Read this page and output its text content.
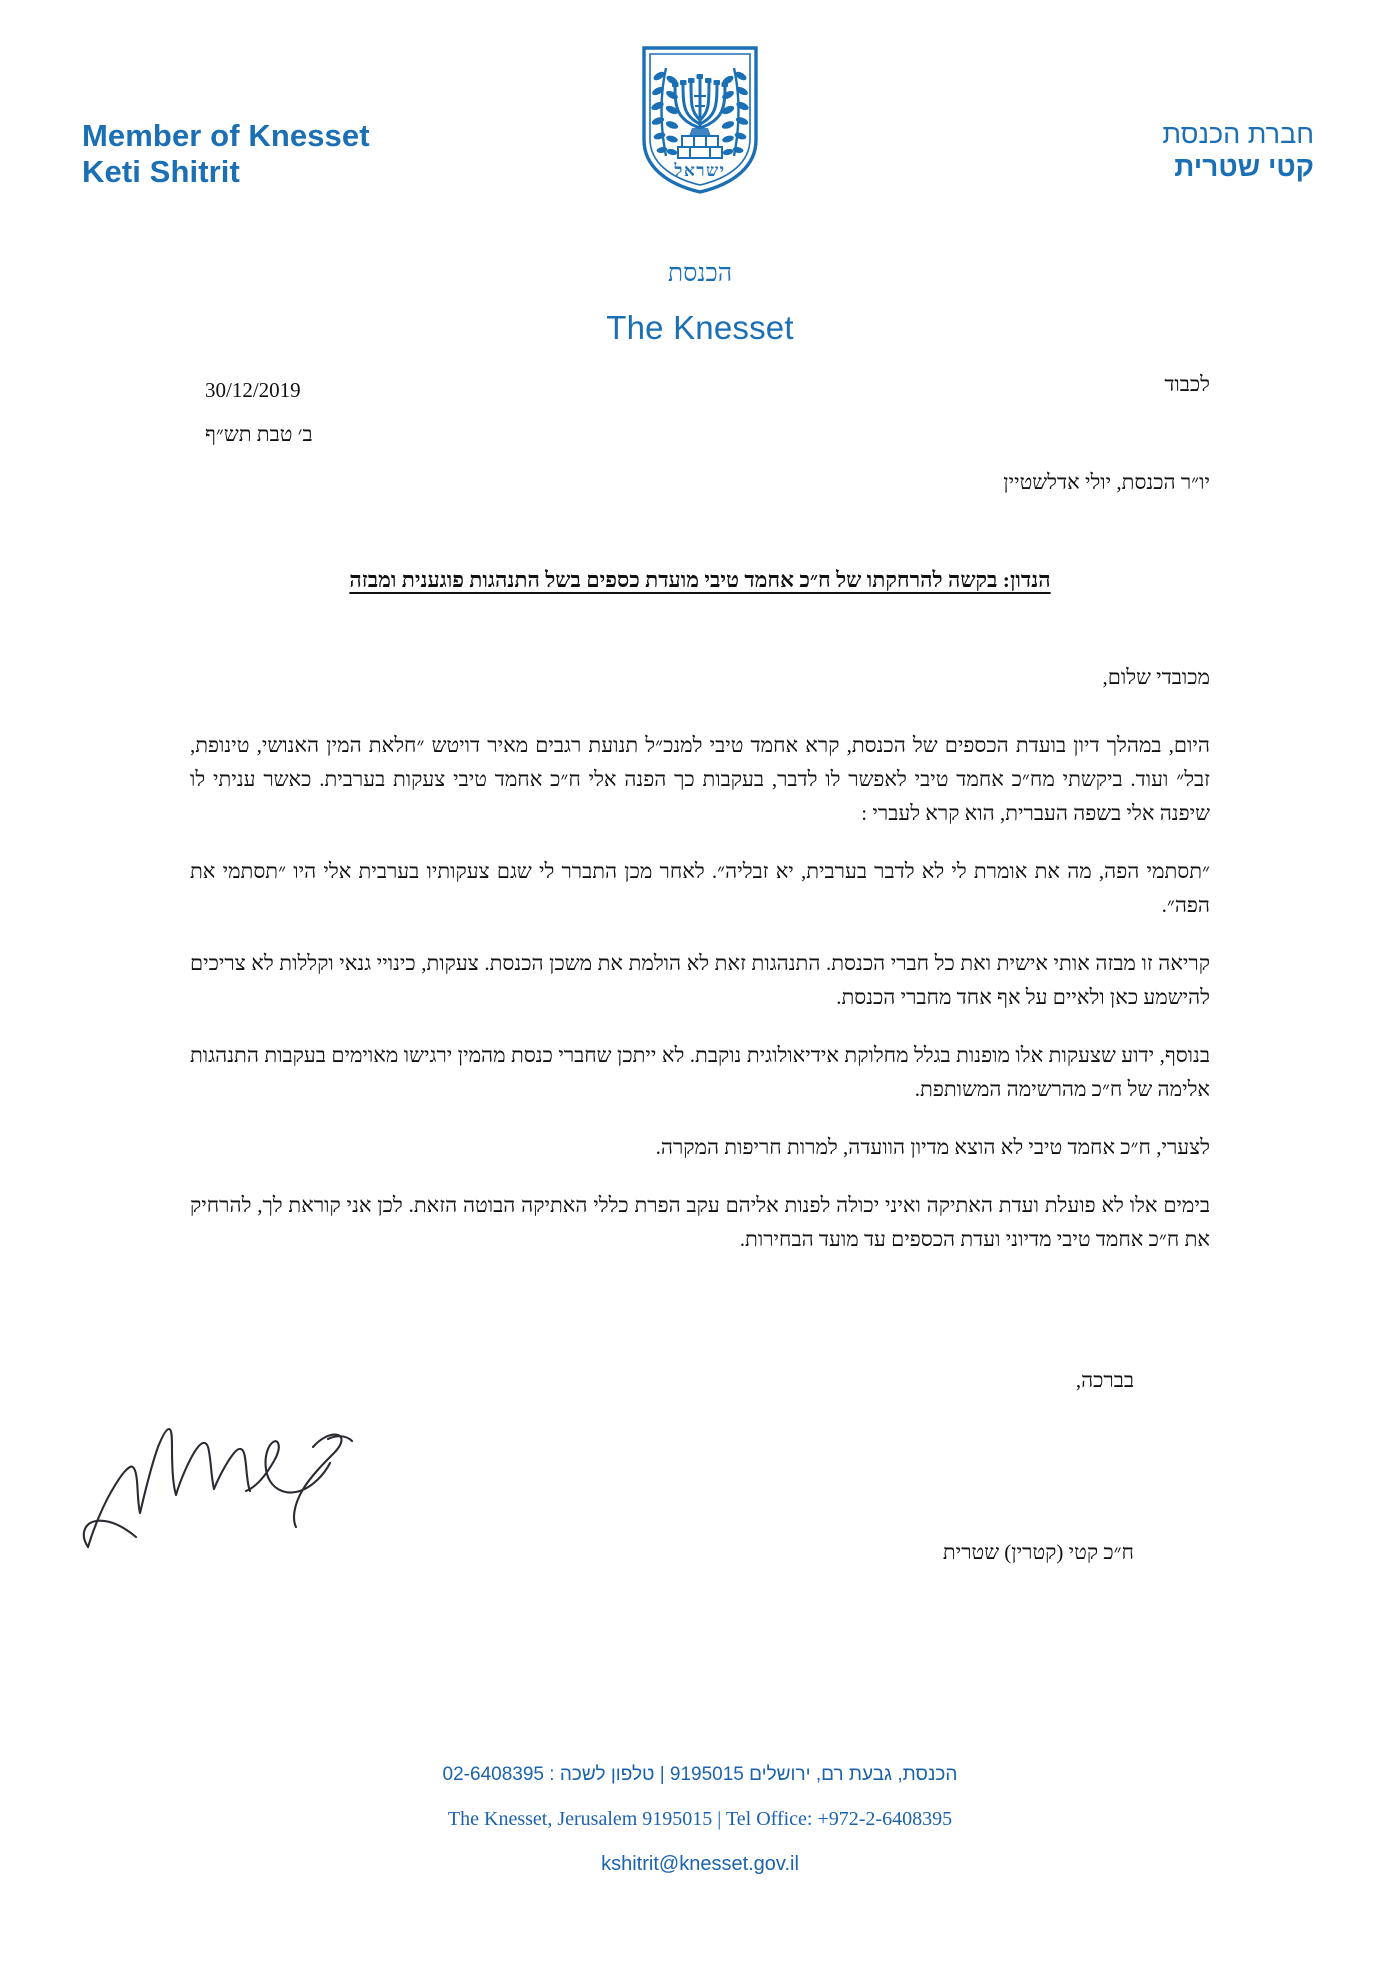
Member of Knesset
Keti Shitrit	ישראל
חברת הכנסת
קטי שטרית
הכנסת
The Knesset
30/12/2019
ב׳ טבת תש״ף
לכבוד
יו״ר הכנסת, יולי אדלשטיין
הנדון: בקשה להרחקתו של ח״כ אחמד טיבי מועדת כספים בשל התנהגות פוגענית ומבזה

מכובדי שלום,

היום, במהלך דיון בועדת הכספים של הכנסת, קרא אחמד טיבי למנכ״ל תנועת רגבים מאיר דויטש ״חלאת המין האנושי, טינופת, זבל״ ועוד. ביקשתי מח״כ אחמד טיבי לאפשר לו לדבר, בעקבות כך הפנה אלי ח״כ אחמד טיבי צעקות בערבית. כאשר עניתי לו שיפנה אלי בשפה העברית, הוא קרא לעברי :

״תסתמי הפה, מה את אומרת לי לא לדבר בערבית, יא זבליה״. לאחר מכן התברר לי שגם צעקותיו בערבית אלי היו ״תסתמי את הפה״.

קריאה זו מבזה אותי אישית ואת כל חברי הכנסת. התנהגות זאת לא הולמת את משכן הכנסת. צעקות, כינויי גנאי וקללות לא צריכים להישמע כאן ולאיים על אף אחד מחברי הכנסת.

בנוסף, ידוע שצעקות אלו מופנות בגלל מחלוקת אידיאולוגית נוקבת. לא ייתכן שחברי כנסת מהמין ירגישו מאוימים בעקבות התנהגות אלימה של ח״כ מהרשימה המשותפת.

לצערי, ח״כ אחמד טיבי לא הוצא מדיון הוועדה, למרות חריפות המקרה.

בימים אלו לא פועלת ועדת האתיקה ואיני יכולה לפנות אליהם עקב הפרת כללי האתיקה הבוטה הזאת. לכן אני קוראת לך, להרחיק את ח״כ אחמד טיבי מדיוני ועדת הכספים עד מועד הבחירות.

בברכה,
ח״כ קטי (קטרין) שטרית
הכנסת, גבעת רם, ירושלים 9195015 | טלפון לשכה : 02-6408395
The Knesset, Jerusalem 9195015 | Tel Office: +972-2-6408395
kshitrit@knesset.gov.il
